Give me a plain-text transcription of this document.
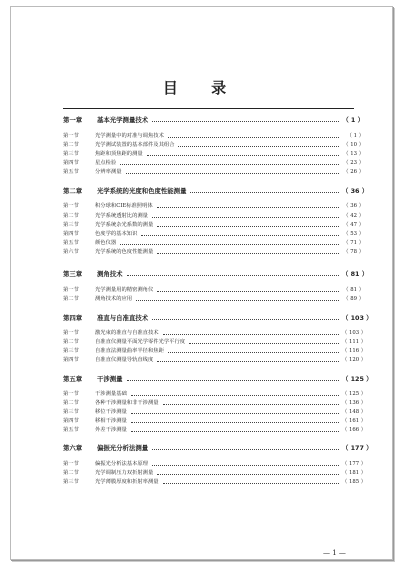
目 录
第一章	基本光学测量技术	（ 1 ）
第一节	光学测量中的对准与调焦技术	（ 1 ）
第二节	光学测试装置的基本部件及其组合	（ 10 ）
第三节	焦距和顶焦距的测量	（ 13 ）
第四节	星点检验	（ 23 ）
第五节	分辨率测量	（ 26 ）
第二章	光学系统的光度和色度性能测量	（ 36 ）
第一节	积分球和CIE标准照明体	（ 36 ）
第二节	光学系统透射比的测量	（ 42 ）
第三节	光学系统杂光系数的测量	（ 47 ）
第四节	色度学的基本知识	（ 53 ）
第五节	颜色仪器	（ 71 ）
第六节	光学系统的色度性能测量	（ 78 ）
第三章	测角技术	（ 81 ）
第一节	光学测量用的精密测角仪	（ 81 ）
第二节	测角技术的应用	（ 89 ）
第四章	准直与自准直技术	（ 103 ）
第一节	激光束的准直与自准直技术	（ 103 ）
第二节	自准直仪测量平面光学零件光学平行度	（ 111 ）
第三节	自准直法测量曲率半径和焦距	（ 116 ）
第四节	自准直仪测量导轨直线度	（ 120 ）
第五章	干涉测量	（ 125 ）
第一节	干涉测量基础	（ 125 ）
第二节	各种干涉测量和非干涉测量	（ 136 ）
第三节	移位干涉测量	（ 148 ）
第四节	移相干涉测量	（ 161 ）
第五节	外差干涉测量	（ 166 ）
第六章	偏振光分析法测量	（ 177 ）
第一节	偏振光分析法基本原理	（ 177 ）
第二节	光学调制压力双折射测量	（ 181 ）
第三节	光学薄膜厚度和折射率测量	（ 185 ）
— 1 —
